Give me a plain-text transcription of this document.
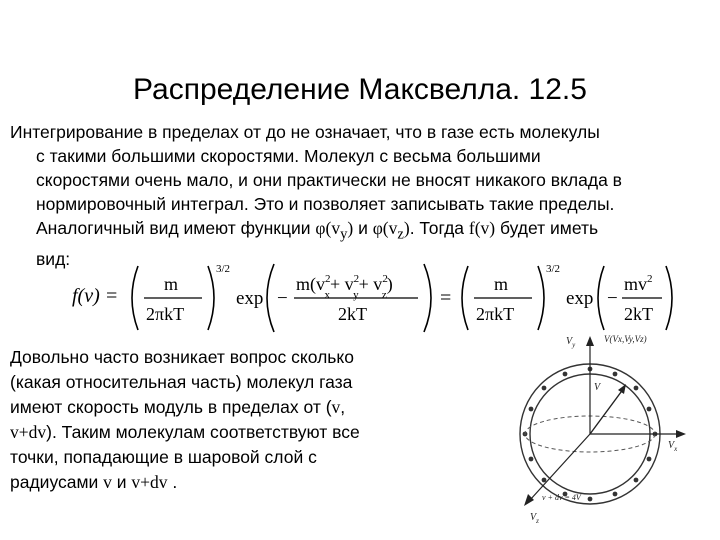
Распределение Максвелла. 12.5
Интегрирование в пределах от до не означает, что в газе есть молекулы
с такими большими скоростями. Молекул с весьма большими
скоростями очень мало, и они практически не вносят никакого вклада в
нормировочный интеграл. Это и позволяет записывать такие пределы.
Аналогичный вид имеют функции $\varphi(v_y)$ и $\varphi(v_z)$. Тогда f(v) будет иметь
вид:
f(v) =
m
2πkT
3/2
exp −
$m(v^2$ $x+ v^2$ $y+ v^2$ z)
2kT
=
m
2πkT
3/2
exp −
$mv^2$
2kT
Довольно часто возникает вопрос сколько
(какая относительная часть) молекул газа
имеют скорость модуль в пределах от (v,
v+dv). Таким молекулам соответствуют все
точки, попадающие в шаровой слой с
радиусами v и v+dv .
$V_y$
V(Vx,Vy,Vz)
V
$V_x$
$V_z$
v + dv = 4V
